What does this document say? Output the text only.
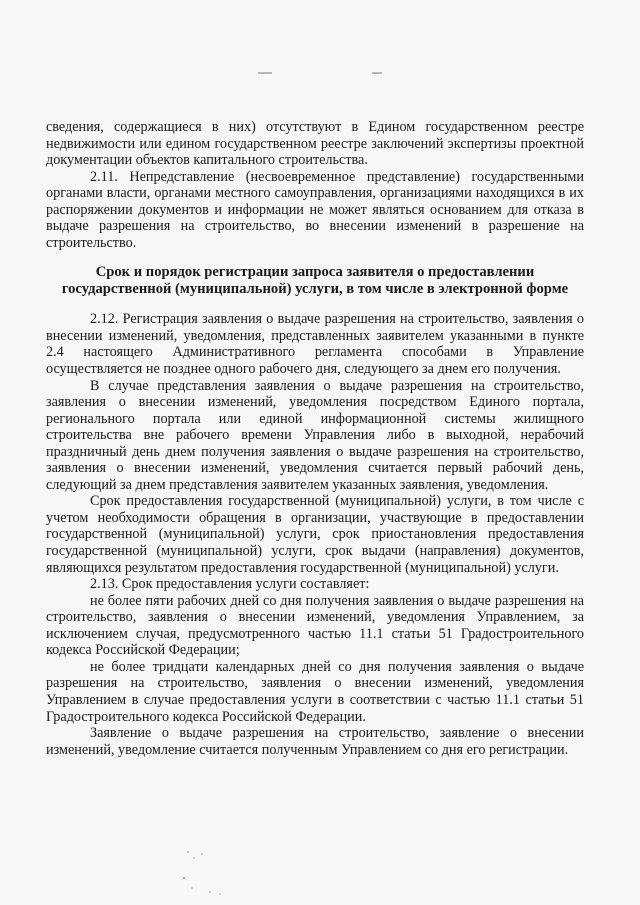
сведения, содержащиеся в них) отсутствуют в Едином государственном реестре недвижимости или едином государственном реестре заключений экспертизы проектной документации объектов капитального строительства.

2.11. Непредставление (несвоевременное представление) государственными органами власти, органами местного самоуправления, организациями находящихся в их распоряжении документов и информации не может являться основанием для отказа в выдаче разрешения на строительство, во внесении изменений в разрешение на строительство.

Срок и порядок регистрации запроса заявителя о предоставлении

государственной (муниципальной) услуги, в том числе в электронной форме

2.12. Регистрация заявления о выдаче разрешения на строительство, заявления о внесении изменений, уведомления, представленных заявителем указанными в пункте 2.4 настоящего Административного регламента способами в Управление осуществляется не позднее одного рабочего дня, следующего за днем его получения.

В случае представления заявления о выдаче разрешения на строительство, заявления о внесении изменений, уведомления посредством Единого портала, регионального портала или единой информационной системы жилищного строительства вне рабочего времени Управления либо в выходной, нерабочий праздничный день днем получения заявления о выдаче разрешения на строительство, заявления о внесении изменений, уведомления считается первый рабочий день, следующий за днем представления заявителем указанных заявления, уведомления.

Срок предоставления государственной (муниципальной) услуги, в том числе с учетом необходимости обращения в организации, участвующие в предоставлении государственной (муниципальной) услуги, срок приостановления предоставления государственной (муниципальной) услуги, срок выдачи (направления) документов, являющихся результатом предоставления государственной (муниципальной) услуги.

2.13. Срок предоставления услуги составляет:

не более пяти рабочих дней со дня получения заявления о выдаче разрешения на строительство, заявления о внесении изменений, уведомления Управлением, за исключением случая, предусмотренного частью 11.1 статьи 51 Градостроительного кодекса Российской Федерации;

не более тридцати календарных дней со дня получения заявления о выдаче разрешения на строительство, заявления о внесении изменений, уведомления Управлением в случае предоставления услуги в соответствии с частью 11.1 статьи 51 Градостроительного кодекса Российской Федерации.

Заявление о выдаче разрешения на строительство, заявление о внесении изменений, уведомление считается полученным Управлением со дня его регистрации.
